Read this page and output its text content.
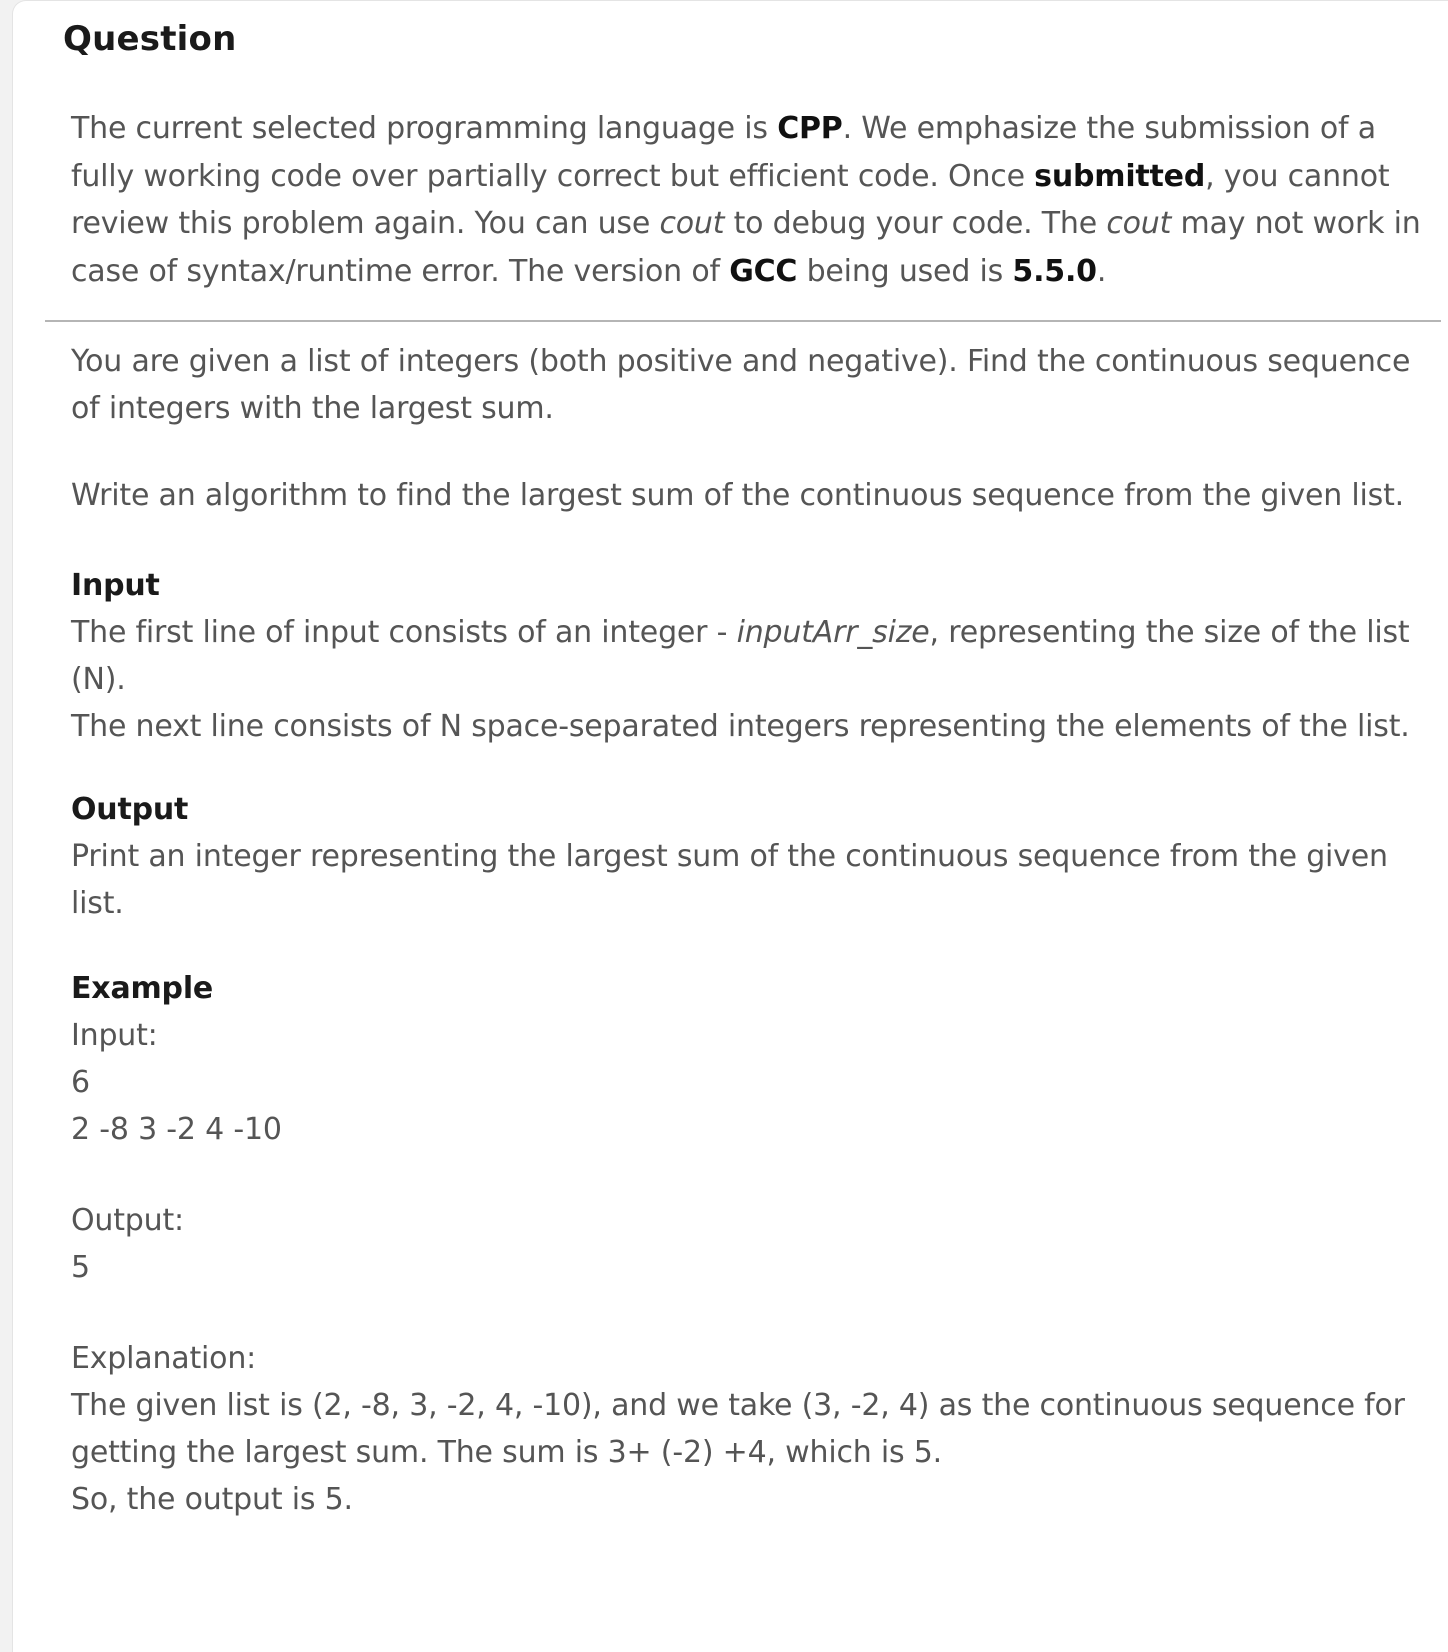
Question
The current selected programming language is CPP. We emphasize the submission of a fully working code over partially correct but efficient code. Once submitted, you cannot review this problem again. You can use cout to debug your code. The cout may not work in case of syntax/runtime error. The version of GCC being used is 5.5.0.
You are given a list of integers (both positive and negative). Find the continuous sequence of integers with the largest sum.
Write an algorithm to find the largest sum of the continuous sequence from the given list.
Input
The first line of input consists of an integer - inputArr_size, representing the size of the list (N).
The next line consists of N space-separated integers representing the elements of the list.
Output
Print an integer representing the largest sum of the continuous sequence from the given list.
Example
Input:
6
2 -8 3 -2 4 -10
Output:
5
Explanation:
The given list is (2, -8, 3, -2, 4, -10), and we take (3, -2, 4) as the continuous sequence for getting the largest sum. The sum is 3+ (-2) +4, which is 5.
So, the output is 5.
